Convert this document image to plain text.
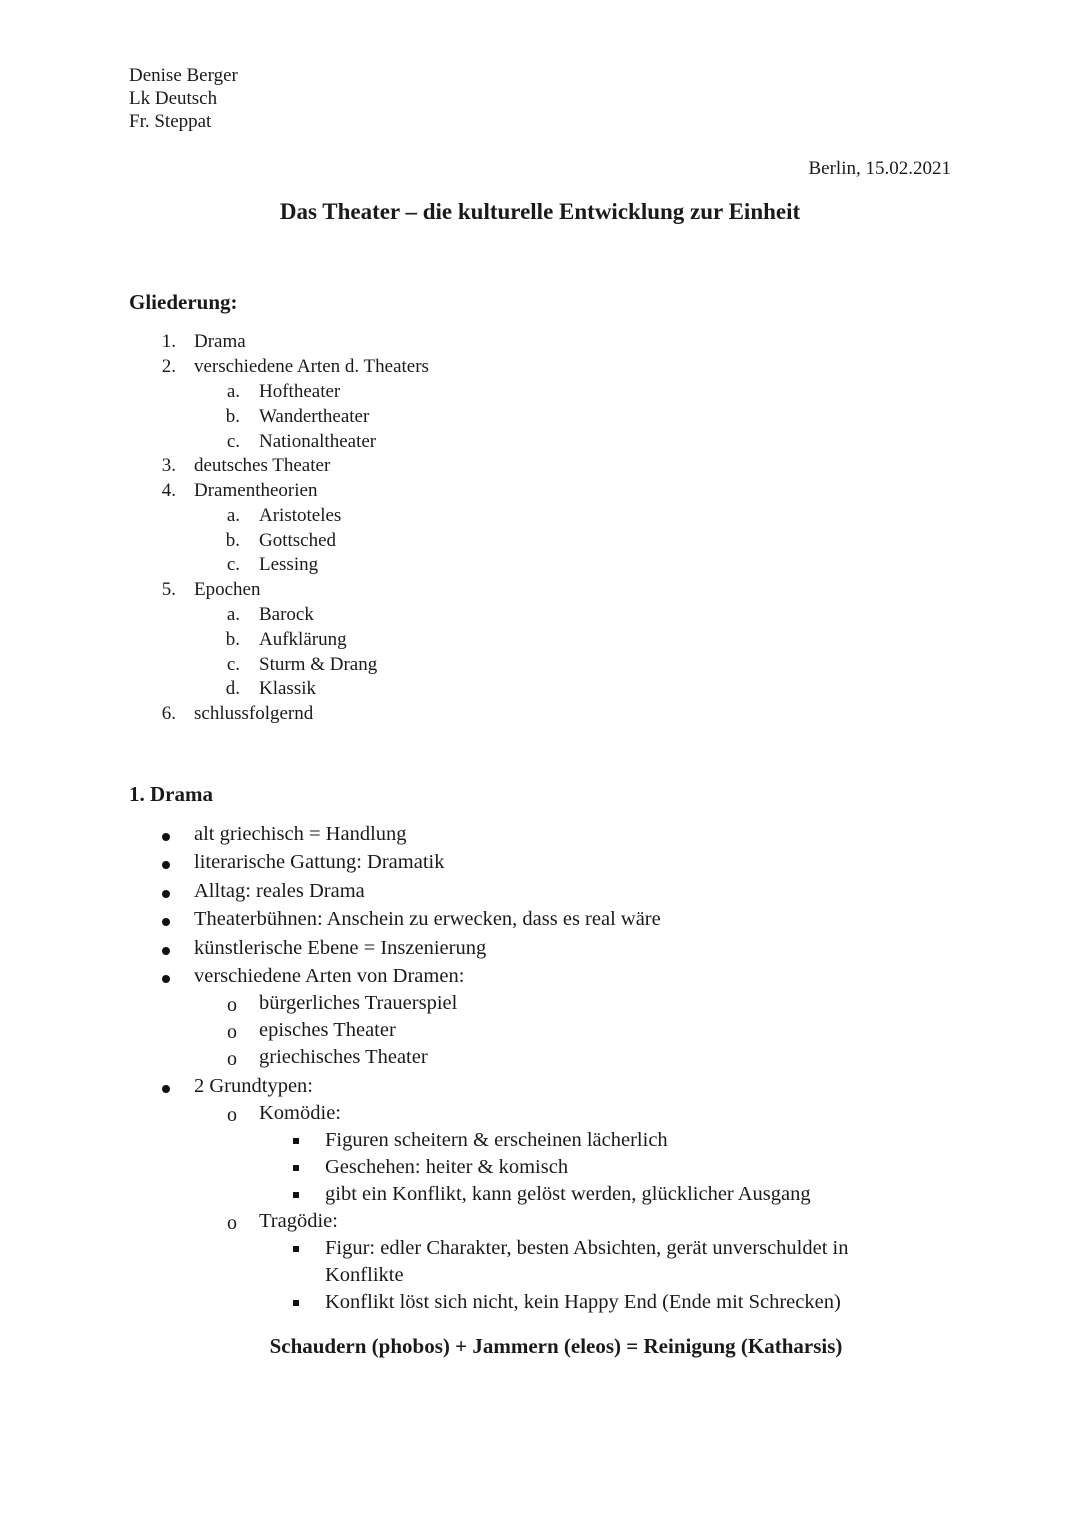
Denise Berger
Lk Deutsch
Fr. Steppat
Berlin, 15.02.2021
Das Theater – die kulturelle Entwicklung zur Einheit
Gliederung:
1. Drama
2. verschiedene Arten d. Theaters
a. Hoftheater
b. Wandertheater
c. Nationaltheater
3. deutsches Theater
4. Dramentheorien
a. Aristoteles
b. Gottsched
c. Lessing
5. Epochen
a. Barock
b. Aufklärung
c. Sturm & Drang
d. Klassik
6. schlussfolgernd
1. Drama
alt griechisch = Handlung
literarische Gattung: Dramatik
Alltag: reales Drama
Theaterbühnen: Anschein zu erwecken, dass es real wäre
künstlerische Ebene = Inszenierung
verschiedene Arten von Dramen:
o bürgerliches Trauerspiel
o episches Theater
o griechisches Theater
2 Grundtypen:
o Komödie:
Figuren scheitern & erscheinen lächerlich
Geschehen: heiter & komisch
gibt ein Konflikt, kann gelöst werden, glücklicher Ausgang
o Tragödie:
Figur: edler Charakter, besten Absichten, gerät unverschuldet in
Konflikte
Konflikt löst sich nicht, kein Happy End (Ende mit Schrecken)
Schaudern (phobos) + Jammern (eleos) = Reinigung (Katharsis)
